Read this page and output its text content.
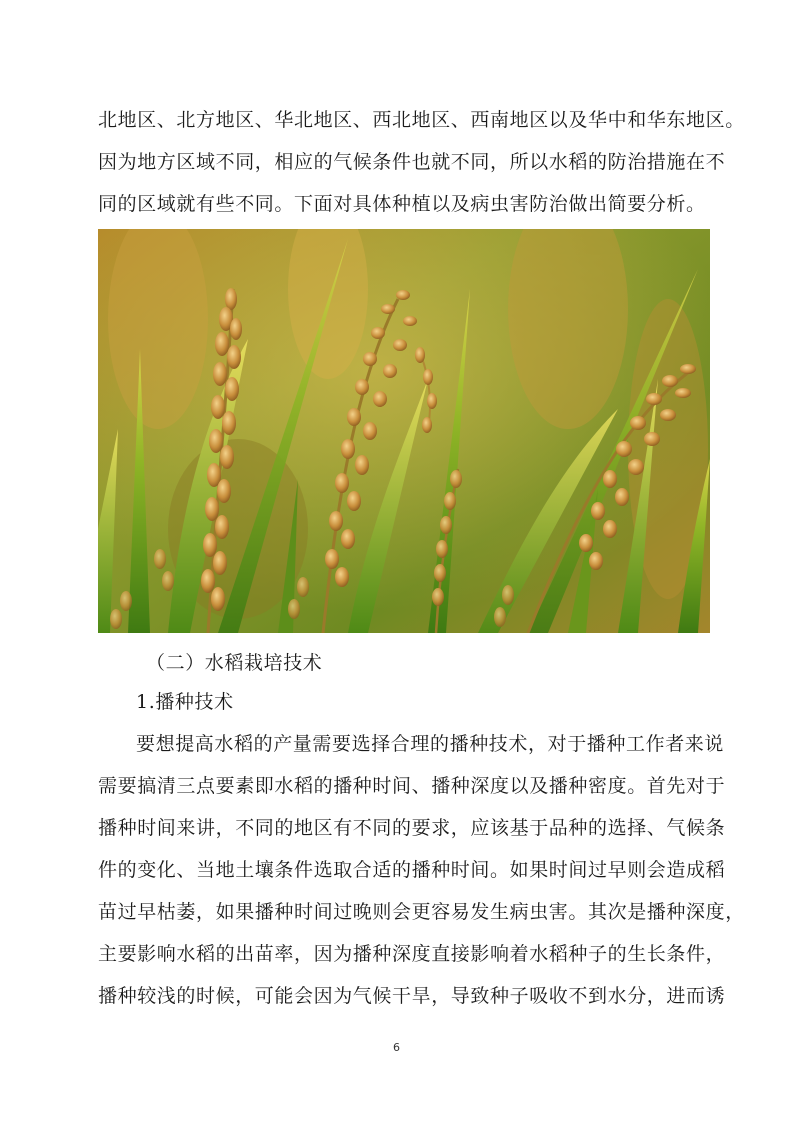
北地区、北方地区、华北地区、西北地区、西南地区以及华中和华东地区。
因为地方区域不同，相应的气候条件也就不同，所以水稻的防治措施在不
同的区域就有些不同。下面对具体种植以及病虫害防治做出简要分析。
（二）水稻栽培技术
1.播种技术
要想提高水稻的产量需要选择合理的播种技术，对于播种工作者来说
需要搞清三点要素即水稻的播种时间、播种深度以及播种密度。首先对于
播种时间来讲，不同的地区有不同的要求，应该基于品种的选择、气候条
件的变化、当地土壤条件选取合适的播种时间。如果时间过早则会造成稻
苗过早枯萎，如果播种时间过晚则会更容易发生病虫害。其次是播种深度，
主要影响水稻的出苗率，因为播种深度直接影响着水稻种子的生长条件，
播种较浅的时候，可能会因为气候干旱，导致种子吸收不到水分，进而诱
6
